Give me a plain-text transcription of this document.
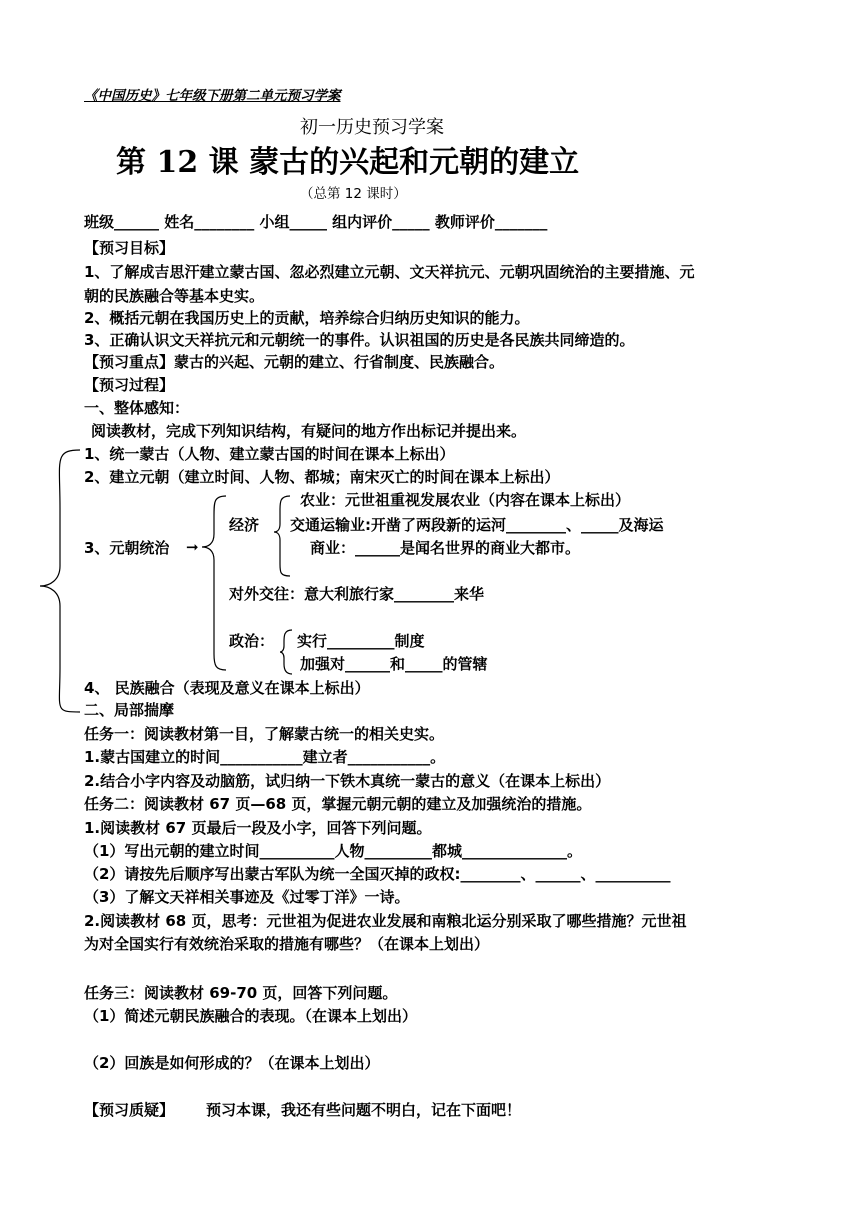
《中国历史》七年级下册第二单元预习学案
初一历史预习学案
第 12 课 蒙古的兴起和元朝的建立
（总第 12 课时）
班级______ 姓名________ 小组_____ 组内评价_____ 教师评价_______
【预习目标】
1、了解成吉思汗建立蒙古国、忽必烈建立元朝、文天祥抗元、元朝巩固统治的主要措施、元
朝的民族融合等基本史实。
2、概括元朝在我国历史上的贡献，培养综合归纳历史知识的能力。
3、正确认识文天祥抗元和元朝统一的事件。认识祖国的历史是各民族共同缔造的。
【预习重点】蒙古的兴起、元朝的建立、行省制度、民族融合。
【预习过程】
一、整体感知：
阅读教材，完成下列知识结构，有疑问的地方作出标记并提出来。
1、统一蒙古（人物、建立蒙古国的时间在课本上标出）
2、建立元朝（建立时间、人物、都城；南宋灭亡的时间在课本上标出）
3、元朝统治 ➞
经济
农业：元世祖重视发展农业（内容在课本上标出）
交通运输业:开凿了两段新的运河________、_____及海运
商业：______是闻名世界的商业大都市。
对外交往：意大利旅行家________来华
政治： 实行_________制度
加强对______和_____的管辖
4、 民族融合（表现及意义在课本上标出）
二、局部揣摩
任务一：阅读教材第一目，了解蒙古统一的相关史实。
1.蒙古国建立的时间___________建立者___________。
2.结合小字内容及动脑筋，试归纳一下铁木真统一蒙古的意义（在课本上标出）
任务二：阅读教材 67 页—68 页，掌握元朝元朝的建立及加强统治的措施。
1.阅读教材 67 页最后一段及小字，回答下列问题。
（1）写出元朝的建立时间__________人物_________都城______________。
（2）请按先后顺序写出蒙古军队为统一全国灭掉的政权:________、______、__________
（3）了解文天祥相关事迹及《过零丁洋》一诗。
2.阅读教材 68 页，思考：元世祖为促进农业发展和南粮北运分别采取了哪些措施？元世祖
为对全国实行有效统治采取的措施有哪些？（在课本上划出）
任务三：阅读教材 69-70 页，回答下列问题。
（1）简述元朝民族融合的表现。（在课本上划出）
（2）回族是如何形成的？（在课本上划出）
【预习质疑】 预习本课，我还有些问题不明白，记在下面吧！
